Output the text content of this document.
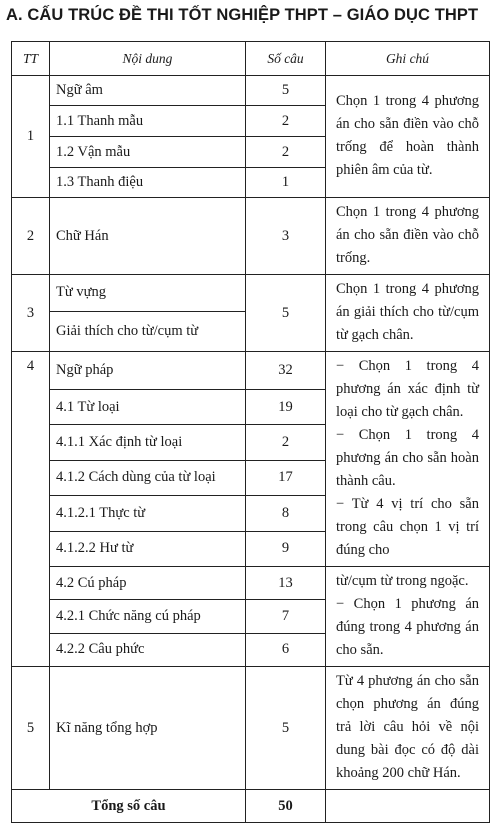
A. CẤU TRÚC ĐỀ THI TỐT NGHIỆP THPT – GIÁO DỤC THPT
TT	Nội dung	Số câu	Ghi chú
1	Ngữ âm	5	Chọn 1 trong 4 phương án cho sẵn điền vào chỗ trống để hoàn thành phiên âm của từ.
	1.1 Thanh mẫu	2	
	1.2 Vận mẫu	2	
	1.3 Thanh điệu	1	
2	Chữ Hán	3	Chọn 1 trong 4 phương án cho sẵn điền vào chỗ trống.
3	Từ vựng	5	Chọn 1 trong 4 phương án giải thích cho từ/cụm từ gạch chân.
	Giải thích cho từ/cụm từ		
4	Ngữ pháp	32	− Chọn 1 trong 4 phương án xác định từ loại cho từ gạch chân.

− Chọn 1 trong 4 phương án cho sẵn hoàn thành câu.

− Từ 4 vị trí cho sẵn trong câu chọn 1 vị trí đúng cho

	4.1 Từ loại	19	
	4.1.1 Xác định từ loại	2	
	4.1.2 Cách dùng của từ loại	17	
	4.1.2.1 Thực từ	8	
	4.1.2.2 Hư từ	9	
	4.2 Cú pháp	13	từ/cụm từ trong ngoặc.

− Chọn 1 phương án đúng trong 4 phương án cho sẵn.

	4.2.1 Chức năng cú pháp	7	
	4.2.2 Câu phức	6	
5	Kĩ năng tổng hợp	5	Từ 4 phương án cho sẵn chọn phương án đúng trả lời câu hỏi về nội dung bài đọc có độ dài khoảng 200 chữ Hán.
Tổng số câu		50	
